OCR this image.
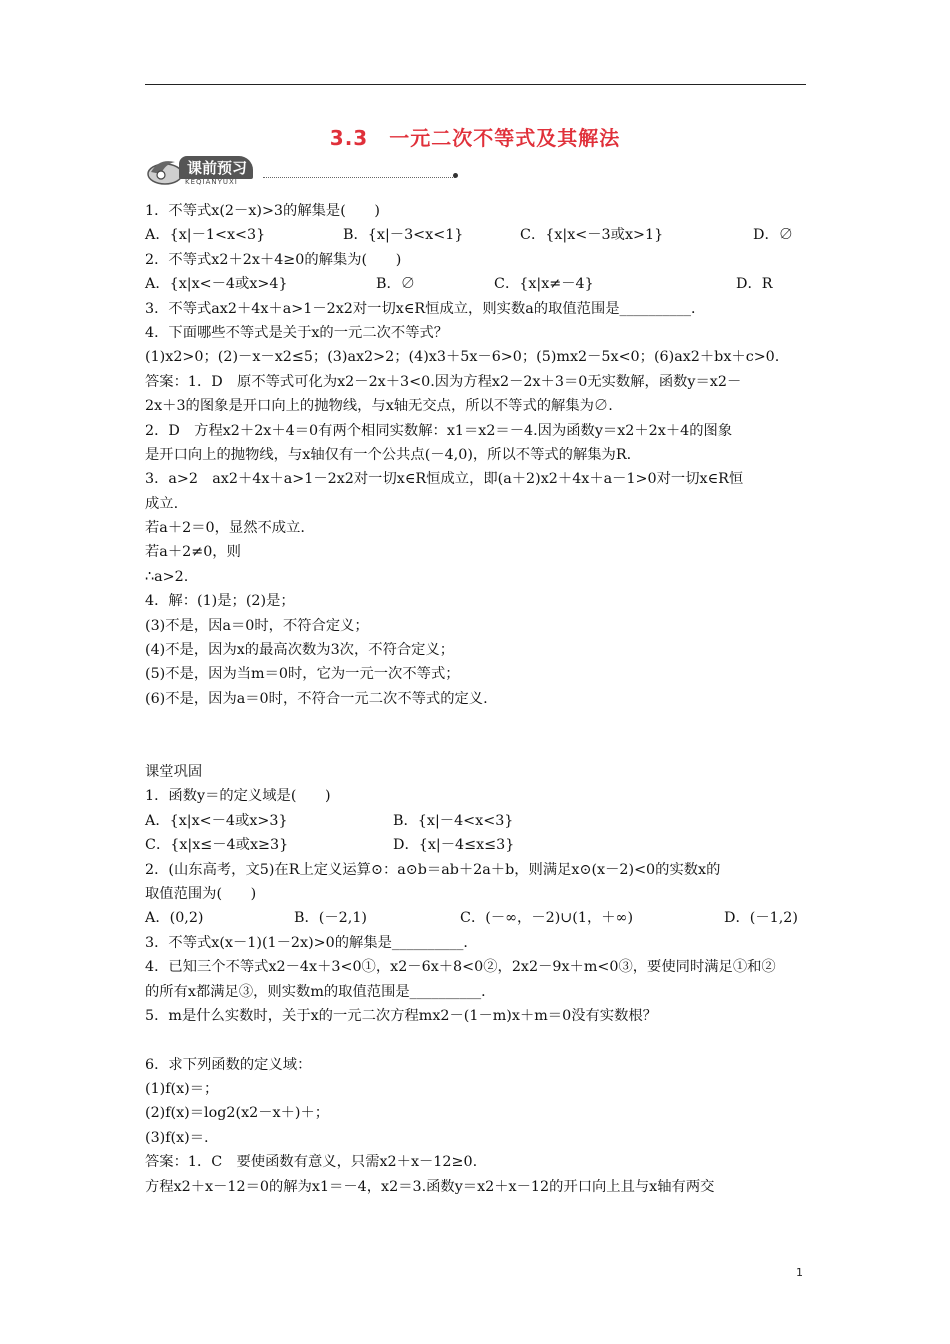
3.3　一元二次不等式及其解法
课前预习
KEQIANYUXI
1．不等式x(2－x)>3的解集是(　　)

A．{x|－1<x<3}

	B．{x|－3<x<1}

	C．{x|x<－3或x>1}

	D．∅

2．不等式x2＋2x＋4≥0的解集为(　　)

A．{x|x<－4或x>4}

	B．∅

	C．{x|x≠－4}

	D．R

3．不等式ax2＋4x＋a>1－2x2对一切x∈R恒成立，则实数a的取值范围是__________．
4．下面哪些不等式是关于x的一元二次不等式？
(1)x2>0；(2)－x－x2≤5；(3)ax2>2；(4)x3＋5x－6>0；(5)mx2－5x<0；(6)ax2＋bx＋c>0.
答案：1．D　原不等式可化为x2－2x＋3<0.因为方程x2－2x＋3＝0无实数解，函数y＝x2－
2x＋3的图象是开口向上的抛物线，与x轴无交点，所以不等式的解集为∅.
2．D　方程x2＋2x＋4＝0有两个相同实数解：x1＝x2＝－4.因为函数y＝x2＋2x＋4的图象
是开口向上的抛物线，与x轴仅有一个公共点(－4,0)，所以不等式的解集为R.
3．a>2　ax2＋4x＋a>1－2x2对一切x∈R恒成立，即(a＋2)x2＋4x＋a－1>0对一切x∈R恒
成立.
若a＋2＝0，显然不成立.
若a＋2≠0，则
∴a>2.
4．解：(1)是；(2)是；
(3)不是，因a＝0时，不符合定义；
(4)不是，因为x的最高次数为3次，不符合定义；
(5)不是，因为当m＝0时，它为一元一次不等式；
(6)不是，因为a＝0时，不符合一元二次不等式的定义.
课堂巩固
1．函数y＝的定义域是(　　)

A．{x|x<－4或x>3}

	B．{x|－4<x<3}

C．{x|x≤－4或x≥3}

	D．{x|－4≤x≤3}

2．(山东高考，文5)在R上定义运算⊙：a⊙b＝ab＋2a＋b，则满足x⊙(x－2)<0的实数x的
取值范围为(　　)

A．(0,2)

	B．(－2,1)

	C．(－∞，－2)∪(1，＋∞)

	D．(－1,2)

3．不等式x(x－1)(1－2x)>0的解集是__________．
4．已知三个不等式x2－4x＋3<0①，x2－6x＋8<0②，2x2－9x＋m<0③，要使同时满足①和②
的所有x都满足③，则实数m的取值范围是__________．
5．m是什么实数时，关于x的一元二次方程mx2－(1－m)x＋m＝0没有实数根？
6．求下列函数的定义域：
(1)f(x)＝；
(2)f(x)＝log2(x2－x＋)＋；
(3)f(x)＝.
答案：1．C　要使函数有意义，只需x2＋x－12≥0.
方程x2＋x－12＝0的解为x1＝－4，x2＝3.函数y＝x2＋x－12的开口向上且与x轴有两交
1
